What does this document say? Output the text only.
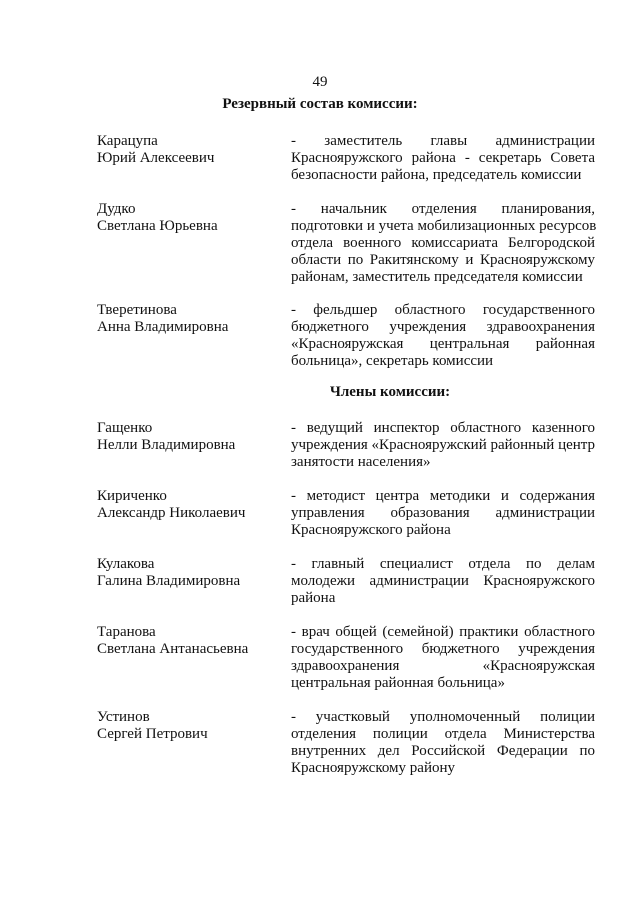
49
Резервный состав комиссии:
Карацупа
Юрий Алексеевич
- заместитель главы администрации
Краснояружского района - секретарь Совета
безопасности района, председатель комиссии
Дудко
Светлана Юрьевна
- начальник отделения планирования,
подготовки и учета мобилизационных ресурсов
отдела военного комиссариата Белгородской
области по Ракитянскому и Краснояружскому
районам, заместитель председателя комиссии
Тверетинова
Анна Владимировна
- фельдшер областного государственного
бюджетного учреждения здравоохранения
«Краснояружская центральная районная
больница», секретарь комиссии
Члены комиссии:
Гащенко
Нелли Владимировна
- ведущий инспектор областного казенного
учреждения «Краснояружский районный центр
занятости населения»
Кириченко
Александр Николаевич
- методист центра методики и содержания
управления образования администрации
Краснояружского района
Кулакова
Галина Владимировна
- главный специалист отдела по делам
молодежи администрации Краснояружского
района
Таранова
Светлана Антанасьевна
- врач общей (семейной) практики областного
государственного бюджетного учреждения
здравоохранения «Краснояружская
центральная районная больница»
Устинов
Сергей Петрович
- участковый уполномоченный полиции
отделения полиции отдела Министерства
внутренних дел Российской Федерации по
Краснояружскому району
